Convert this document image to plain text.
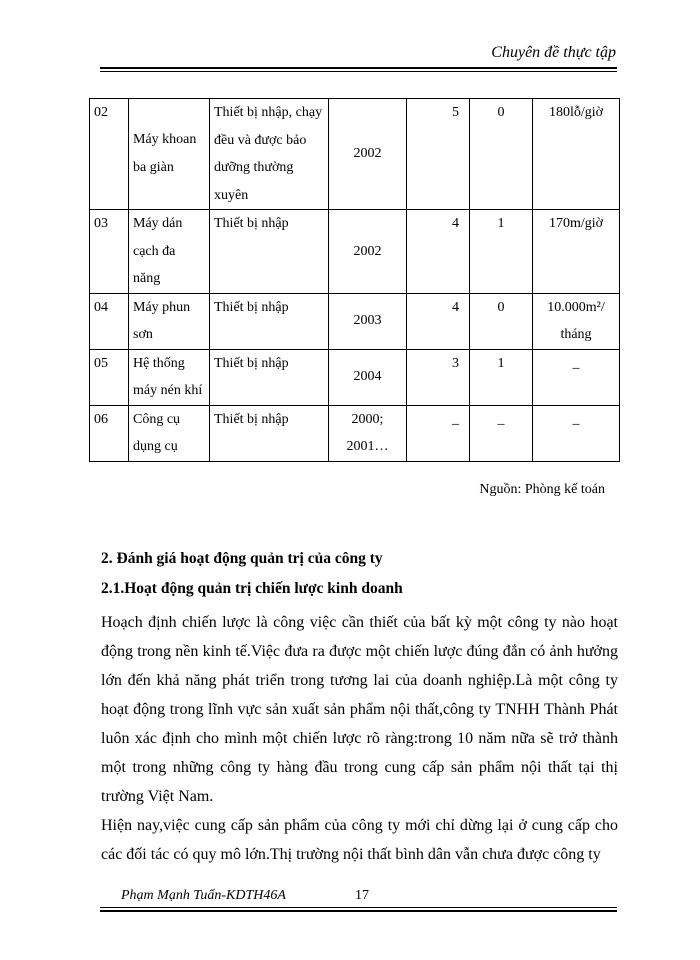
Chuyên đề thực tập
02	Máy khoan ba giàn	Thiết bị nhập, chạy đều và được bảo dưỡng thường xuyên	2002	5	0	180lỗ/giờ
03	Máy dán cạch đa năng	Thiết bị nhập	2002	4	1	170m/giờ
04	Máy phun sơn	Thiết bị nhập	2003	4	0	10.000m²/ tháng
05	Hệ thống máy nén khí	Thiết bị nhập	2004	3	1	_
06	Công cụ dụng cụ	Thiết bị nhập	2000; 2001…	_	_	_
Nguồn: Phòng kế toán
2. Đánh giá hoạt động quản trị của công ty
2.1.Hoạt động quản trị chiến lược kinh doanh

Hoạch định chiến lược là công việc cần thiết của bất kỳ một công ty nào hoạt động trong nền kinh tế.Việc đưa ra được một chiến lược đúng đắn có ảnh hưởng lớn đến khả năng phát triển trong tương lai của doanh nghiệp.Là một công ty hoạt động trong lĩnh vực sản xuất sản phẩm nội thất,công ty TNHH Thành Phát luôn xác định cho mình một chiến lược rõ ràng:trong 10 năm nữa sẽ trở thành một trong những công ty hàng đầu trong cung cấp sản phẩm nội thất tại thị trường Việt Nam.

Hiện nay,việc cung cấp sản phẩm của công ty mới chỉ dừng lại ở cung cấp cho các đối tác có quy mô lớn.Thị trường nội thất bình dân vẫn chưa được công ty

Phạm Mạnh Tuấn-KDTH46A	17
